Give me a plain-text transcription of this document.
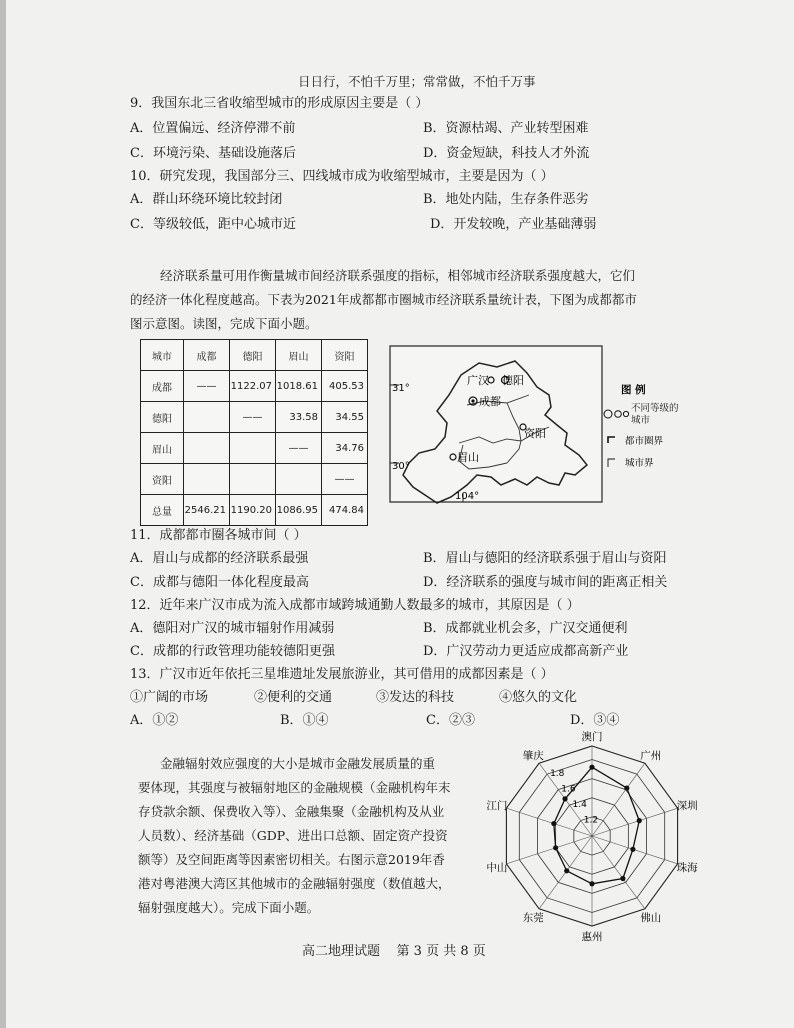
日日行，不怕千万里；常常做，不怕千万事
9．我国东北三省收缩型城市的形成原因主要是（ ）
A．位置偏远、经济停滞不前	B．资源枯竭、产业转型困难
C．环境污染、基础设施落后	D．资金短缺，科技人才外流
10．研究发现，我国部分三、四线城市成为收缩型城市，主要是因为（ ）
A．群山环绕环境比较封闭	B．地处内陆，生存条件恶劣
C．等级较低，距中心城市近	D．开发较晚，产业基础薄弱
经济联系量可用作衡量城市间经济联系强度的指标，相邻城市经济联系强度越大，它们
的经济一体化程度越高。下表为2021年成都都市圈城市经济联系量统计表，下图为成都都市
图示意图。读图，完成下面小题。
城市	成都	德阳	眉山	资阳
成都	——	1122.07	1018.61	405.53
德阳		——	33.58	34.55
眉山			——	34.76
资阳				——
总量	2546.21	1190.20	1086.95	474.84
31°
30°
104°
广汉 德阳
成都
资阳
眉山
图 例
不同等级的城市
都市圈界
城市界
11．成都都市圈各城市间（ ）
A．眉山与成都的经济联系最强	B．眉山与德阳的经济联系强于眉山与资阳
C．成都与德阳一体化程度最高	D．经济联系的强度与城市间的距离正相关
12．近年来广汉市成为流入成都市域跨城通勤人数最多的城市，其原因是（ ）
A．德阳对广汉的城市辐射作用减弱	B．成都就业机会多，广汉交通便利
C．成都的行政管理功能较德阳更强	D．广汉劳动力更适应成都高新产业
13．广汉市近年依托三星堆遗址发展旅游业，其可借用的成都因素是（ ）
①广阔的市场	②便利的交通	③发达的科技	④悠久的文化
A．①②	B．①④	C．②③	D．③④
金融辐射效应强度的大小是城市金融发展质量的重
要体现，其强度与被辐射地区的金融规模（金融机构年末
存贷款余额、保费收入等）、金融集聚（金融机构及从业
人员数）、经济基础（GDP、进出口总额、固定资产投资
额等）及空间距离等因素密切相关。右图示意2019年香
港对粤港澳大湾区其他城市的金融辐射强度（数值越大，
辐射强度越大）。完成下面小题。
1.2
1.4
1.6
1.8
澳门
广州
深圳
珠海
佛山
惠州
东莞
中山
江门
肇庆
高二地理试题    第 3 页 共 8 页
